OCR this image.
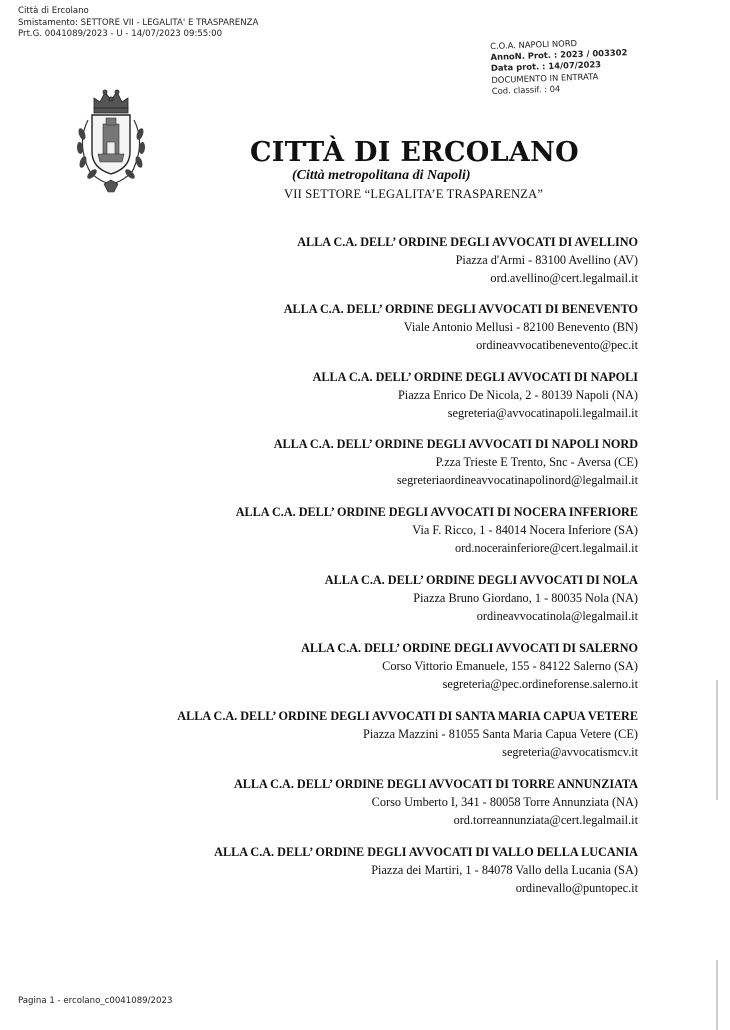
Città di Ercolano
Smistamento: SETTORE VII - LEGALITA' E TRASPARENZA
Prt.G. 0041089/2023 - U - 14/07/2023 09:55:00
C.O.A. NAPOLI NORD
AnnoN. Prot. : 2023 / 003302
Data prot. : 14/07/2023
DOCUMENTO IN ENTRATA
Cod. classif. : 04
CITTÀ DI ERCOLANO
(Città metropolitana di Napoli)
VII SETTORE “LEGALITA’E TRASPARENZA”
ALLA C.A. DELL’ ORDINE DEGLI AVVOCATI DI AVELLINO
Piazza d'Armi - 83100 Avellino (AV)
ord.avellino@cert.legalmail.it
ALLA C.A. DELL’ ORDINE DEGLI AVVOCATI DI BENEVENTO
Viale Antonio Mellusi - 82100 Benevento (BN)
ordineavvocatibenevento@pec.it
ALLA C.A. DELL’ ORDINE DEGLI AVVOCATI DI NAPOLI
Piazza Enrico De Nicola, 2 - 80139 Napoli (NA)
segreteria@avvocatinapoli.legalmail.it
ALLA C.A. DELL’ ORDINE DEGLI AVVOCATI DI NAPOLI NORD
P.zza Trieste E Trento, Snc - Aversa (CE)
segreteriaordineavvocatinapolinord@legalmail.it
ALLA C.A. DELL’ ORDINE DEGLI AVVOCATI DI NOCERA INFERIORE
Via F. Ricco, 1 - 84014 Nocera Inferiore (SA)
ord.nocerainferiore@cert.legalmail.it
ALLA C.A. DELL’ ORDINE DEGLI AVVOCATI DI NOLA
Piazza Bruno Giordano, 1 - 80035 Nola (NA)
ordineavvocatinola@legalmail.it
ALLA C.A. DELL’ ORDINE DEGLI AVVOCATI DI SALERNO
Corso Vittorio Emanuele, 155 - 84122 Salerno (SA)
segreteria@pec.ordineforense.salerno.it
ALLA C.A. DELL’ ORDINE DEGLI AVVOCATI DI SANTA MARIA CAPUA VETERE
Piazza Mazzini - 81055 Santa Maria Capua Vetere (CE)
segreteria@avvocatismcv.it
ALLA C.A. DELL’ ORDINE DEGLI AVVOCATI DI TORRE ANNUNZIATA
Corso Umberto I, 341 - 80058 Torre Annunziata (NA)
ord.torreannunziata@cert.legalmail.it
ALLA C.A. DELL’ ORDINE DEGLI AVVOCATI DI VALLO DELLA LUCANIA
Piazza dei Martiri, 1 - 84078 Vallo della Lucania (SA)
ordinevallo@puntopec.it
Pagina 1 - ercolano_c0041089/2023
